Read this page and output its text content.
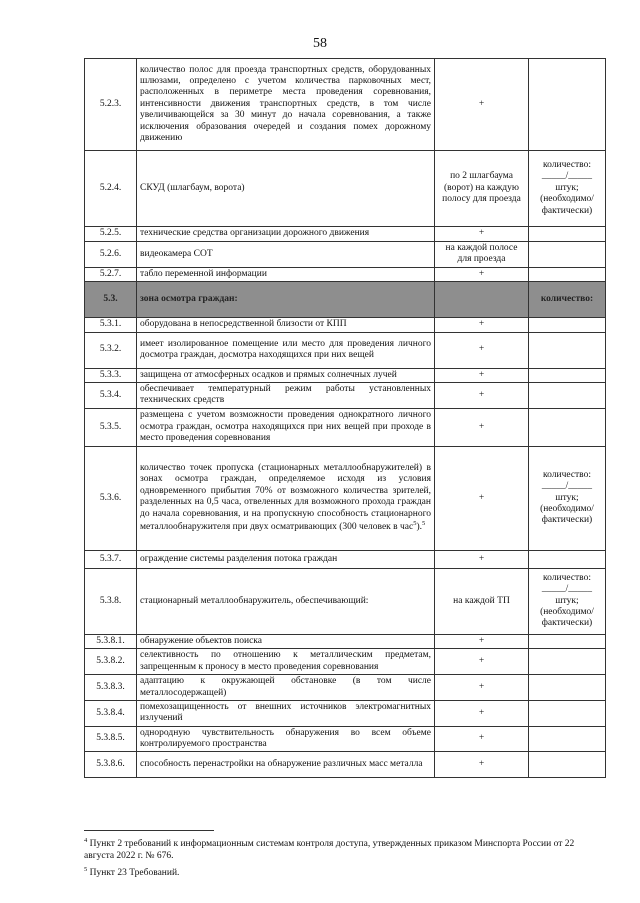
58
5.2.3.	количество полос для проезда транспортных средств, оборудованных шлюзами, определено с учетом количества парковочных мест, расположенных в периметре места проведения соревнования, интенсивности движения транспортных средств, в том числе увеличивающейся за 30 минут до начала соревнования, а также исключения образования очередей и создания помех дорожному движению	+	
5.2.4.	СКУД (шлагбаум, ворота)	по 2 шлагбаума (ворот) на каждую полосу для проезда	количество: _____/_____ штук; (необходимо/ фактически)
5.2.5.	технические средства организации дорожного движения	+	
5.2.6.	видеокамера СОТ	на каждой полосе для проезда	
5.2.7.	табло переменной информации	+	
5.3.	зона осмотра граждан:		количество:
5.3.1.	оборудована в непосредственной близости от КПП	+	
5.3.2.	имеет изолированное помещение или место для проведения личного досмотра граждан, досмотра находящихся при них вещей	+	
5.3.3.	защищена от атмосферных осадков и прямых солнечных лучей	+	
5.3.4.	обеспечивает температурный режим работы установленных технических средств	+	
5.3.5.	размещена с учетом возможности проведения однократного личного осмотра граждан, осмотра находящихся при них вещей при проходе в место проведения соревнования	+	
5.3.6.	количество точек пропуска (стационарных металлообнаружителей) в зонах осмотра граждан, определяемое исходя из условия одновременного прибытия 70% от возможного количества зрителей, разделенных на 0,5 часа, отвеленных для возможного прохода граждан до начала соревнования, и на пропускную способность стационарного металлообнаружителя при двух осматривающих (300 человек в час$^5$).$^5$	+	количество: _____/_____ штук; (необходимо/ фактически)
5.3.7.	ограждение системы разделения потока граждан	+	
5.3.8.	стационарный металлообнаружитель, обеспечивающий:	на каждой ТП	количество: _____/_____ штук; (необходимо/ фактически)
5.3.8.1.	обнаружение объектов поиска	+	
5.3.8.2.	селективность по отношению к металлическим предметам, запрещенным к проносу в место проведения соревнования	+	
5.3.8.3.	адаптацию к окружающей обстановке (в том числе металлосодержащей)	+	
5.3.8.4.	помехозащищенность от внешних источников электромагнитных излучений	+	
5.3.8.5.	однородную чувствительность обнаружения во всем объеме контролируемого пространства	+	
5.3.8.6.	способность перенастройки на обнаружение различных масс металла	+	
$^4$ Пункт 2 требований к информационным системам контроля доступа, утвержденных приказом Минспорта России от 22 августа 2022 г. № 676.
$^5$ Пункт 23 Требований.
